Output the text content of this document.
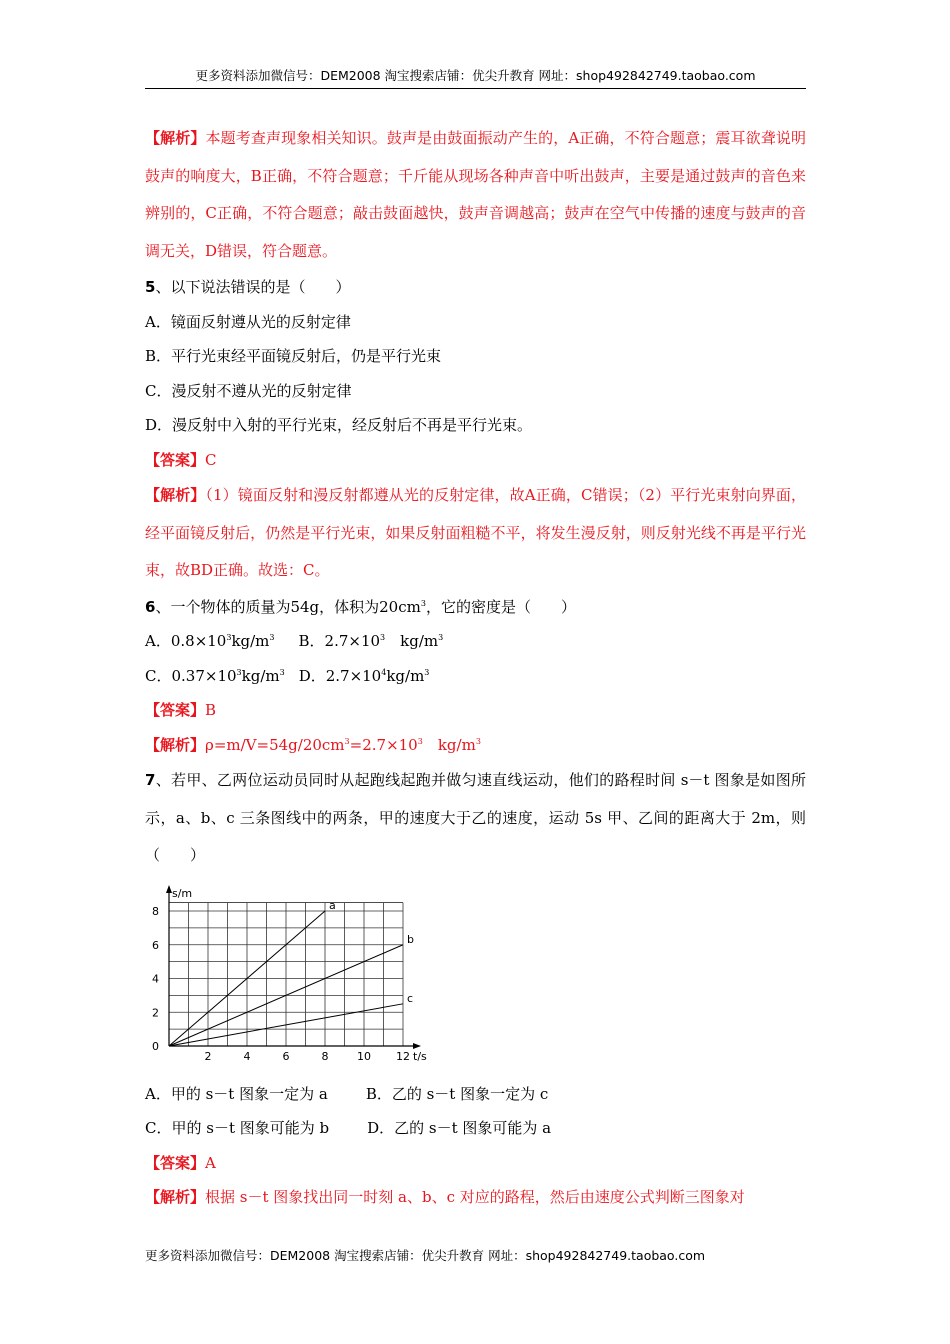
更多资料添加微信号：DEM2008 淘宝搜索店铺：优尖升教育 网址：shop492842749.taobao.com

【解析】本题考查声现象相关知识。鼓声是由鼓面振动产生的，A正确，不符合题意；震耳欲聋说明鼓声的响度大，B正确，不符合题意；千斤能从现场各种声音中听出鼓声，主要是通过鼓声的音色来辨别的，C正确，不符合题意；敲击鼓面越快，鼓声音调越高；鼓声在空气中传播的速度与鼓声的音调无关，D错误，符合题意。

5、以下说法错误的是（　　）

A．镜面反射遵从光的反射定律

B．平行光束经平面镜反射后，仍是平行光束

C．漫反射不遵从光的反射定律

D．漫反射中入射的平行光束，经反射后不再是平行光束。

【答案】C

【解析】（1）镜面反射和漫反射都遵从光的反射定律，故A正确，C错误；（2）平行光束射向界面，经平面镜反射后，仍然是平行光束，如果反射面粗糙不平，将发生漫反射，则反射光线不再是平行光束，故BD正确。故选：C。

6、一个物体的质量为54g，体积为$20cm^3$，它的密度是（　　）

A．$0.8\times 10^3kg/m^3$ B．$2.7\times 10^3$　$kg/m^3$

C．$0.37\times 10^3kg/m^3$ D．$2.7\times 10^4kg/m^3$

【答案】B

【解析】$\rho=m/V=54g/20cm^3=2.7\times 10^3$　$kg/m^3$

7、若甲、乙两位运动员同时从起跑线起跑并做匀速直线运动，他们的路程时间 s－t 图象是如图所示，a、b、c 三条图线中的两条，甲的速度大于乙的速度，运动 5s 甲、乙间的距离大于 2m，则（　　）

2	4	6	8	10 12
0
2
4
6
8
s/m
t/s
a
b
c

A．甲的 s－t 图象一定为 a	B．乙的 s－t 图象一定为 c

C．甲的 s－t 图象可能为 b	D．乙的 s－t 图象可能为 a

【答案】A

【解析】根据 s－t 图象找出同一时刻 a、b、c 对应的路程，然后由速度公式判断三图象对

更多资料添加微信号：DEM2008 淘宝搜索店铺：优尖升教育 网址：shop492842749.taobao.com
